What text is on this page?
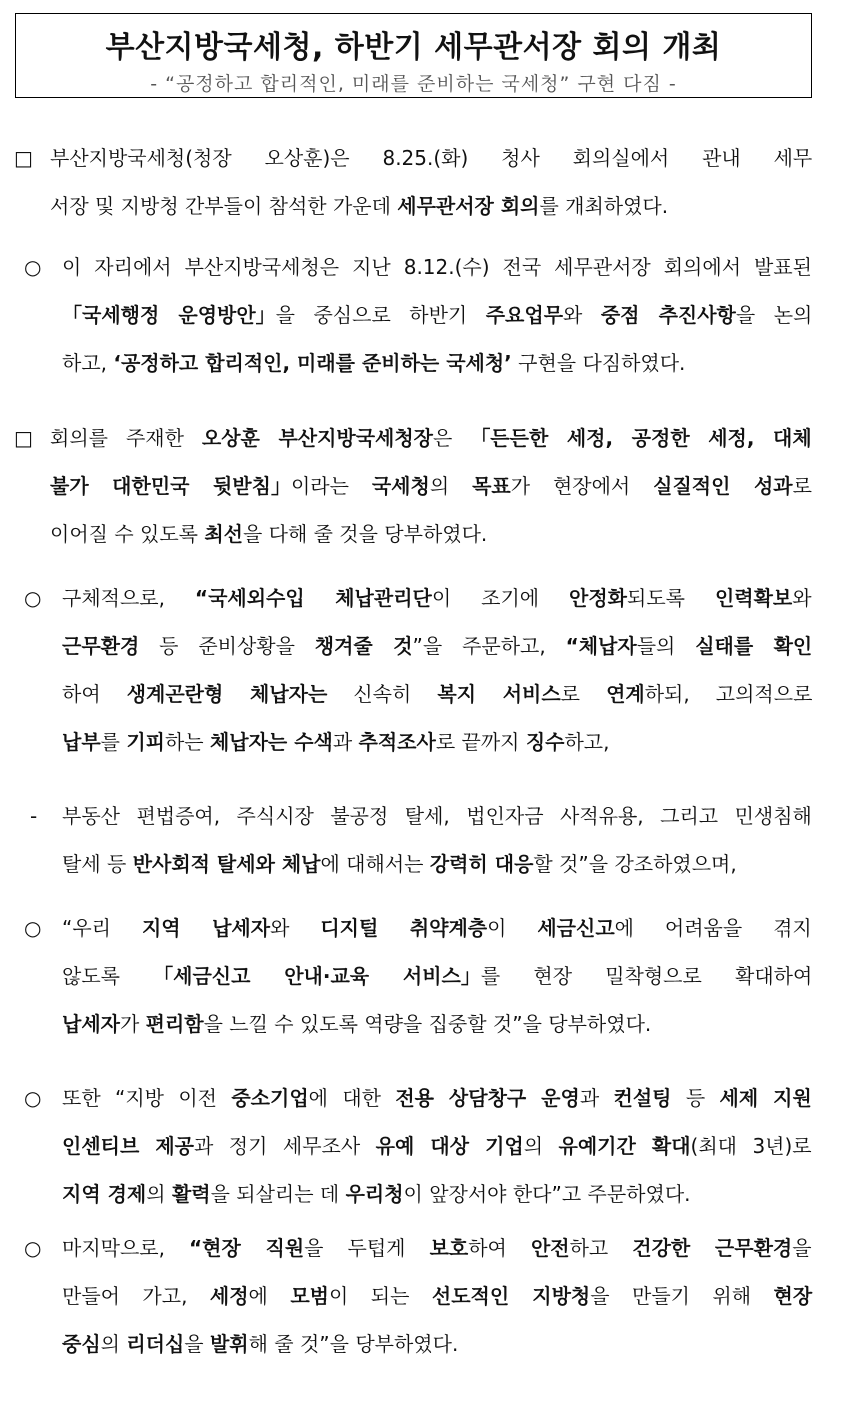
부산지방국세청, 하반기 세무관서장 회의 개최
- “공정하고 합리적인, 미래를 준비하는 국세청” 구현 다짐 -
□ 부산지방국세청(청장 오상훈)은 8.25.(화) 청사 회의실에서 관내 세무
서장 및 지방청 간부들이 참석한 가운데 세무관서장 회의를 개최하였다.
○ 이 자리에서 부산지방국세청은 지난 8.12.(수) 전국 세무관서장 회의에서 발표된
「국세행정 운영방안」을 중심으로 하반기 주요업무와 중점 추진사항을 논의
하고, ‘공정하고 합리적인, 미래를 준비하는 국세청’ 구현을 다짐하였다.
□ 회의를 주재한 오상훈 부산지방국세청장은 「든든한 세정, 공정한 세정, 대체
불가 대한민국 뒷받침」이라는 국세청의 목표가 현장에서 실질적인 성과로
이어질 수 있도록 최선을 다해 줄 것을 당부하였다.
○ 구체적으로, “국세외수입 체납관리단이 조기에 안정화되도록 인력확보와
근무환경 등 준비상황을 챙겨줄 것”을 주문하고, “체납자들의 실태를 확인
하여 생계곤란형 체납자는 신속히 복지 서비스로 연계하되, 고의적으로
납부를 기피하는 체납자는 수색과 추적조사로 끝까지 징수하고,
- 부동산 편법증여, 주식시장 불공정 탈세, 법인자금 사적유용, 그리고 민생침해
탈세 등 반사회적 탈세와 체납에 대해서는 강력히 대응할 것”을 강조하였으며,
○ “우리 지역 납세자와 디지털 취약계층이 세금신고에 어려움을 겪지
않도록 「세금신고 안내·교육 서비스」를 현장 밀착형으로 확대하여
납세자가 편리함을 느낄 수 있도록 역량을 집중할 것”을 당부하였다.
○ 또한 “지방 이전 중소기업에 대한 전용 상담창구 운영과 컨설팅 등 세제 지원
인센티브 제공과 정기 세무조사 유예 대상 기업의 유예기간 확대(최대 3년)로
지역 경제의 활력을 되살리는 데 우리청이 앞장서야 한다”고 주문하였다.
○ 마지막으로, “현장 직원을 두텁게 보호하여 안전하고 건강한 근무환경을
만들어 가고, 세정에 모범이 되는 선도적인 지방청을 만들기 위해 현장
중심의 리더십을 발휘해 줄 것”을 당부하였다.
